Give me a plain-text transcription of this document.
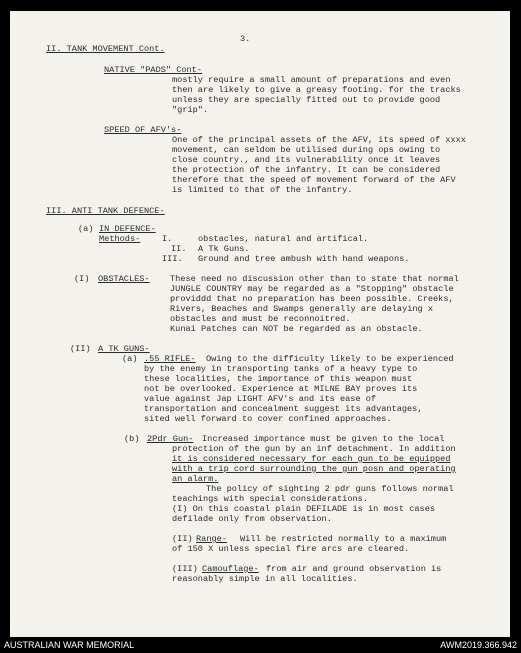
3.
II. TANK MOVEMENT Cont.
NATIVE "PADS" Cont-
mostly require a small amount of preparations and even
then are likely to give a greasy footing. for the tracks
unless they are specially fitted out to provide good
"grip".
SPEED OF AFV's-
One of the principal assets of the AFV, its speed of xxxx
movement, can seldom be utilised during ops owing to
close country., and its vulnerability once it leaves
the protection of the infantry. It can be considered
therefore that the speed of movement forward of the AFV
is limited to that of the infantry.
III. ANTI TANK DEFENCE-
(a) IN DEFENCE-
Methods-	I.	obstacles, natural and artifical.
II. A Tk Guns.
III. Ground and tree ambush with hand weapons.
(I) OBSTACLES- These need no discussion other than to state that normal
JUNGLE COUNTRY may be regarded as a "Stopping" obstacle
providdd that no preparation has been possible. Creeks,
Rivers, Beaches and Swamps generally are delaying x
obstacles and must be reconnoitred.
Kunai Patches can NOT be regarded as an obstacle.
(II) A TK GUNS-
(a) .55 RIFLE- Owing to the difficulty likely to be experienced
by the enemy in transporting tanks of a heavy type to
these localities, the importance of this weapon must
not be overlooked. Experience at MILNE BAY proves its
value against Jap LIGHT AFV's and its ease of
transportation and concealment suggest its advantages,
sited well forward to cover confined approaches.
(b) 2Pdr Gun- Increased importance must be given to the local
protection of the gun by an inf detachment. In addition
it is considered necessary for each gun to be equipped
with a trip cord surrounding the gun posn and operating
an alarm.
The policy of sighting 2 pdr guns follows normal
teachings with special considerations.
(I) On this coastal plain DEFILADE is in most cases
defilade only from observation.
(II) Range- Will be restricted normally to a maximum
of 150 X unless special fire arcs are cleared.
(III) Camouflage- from air and ground observation is
reasonably simple in all localities.
AUSTRALIAN WAR MEMORIAL	AWM2019.366.942
